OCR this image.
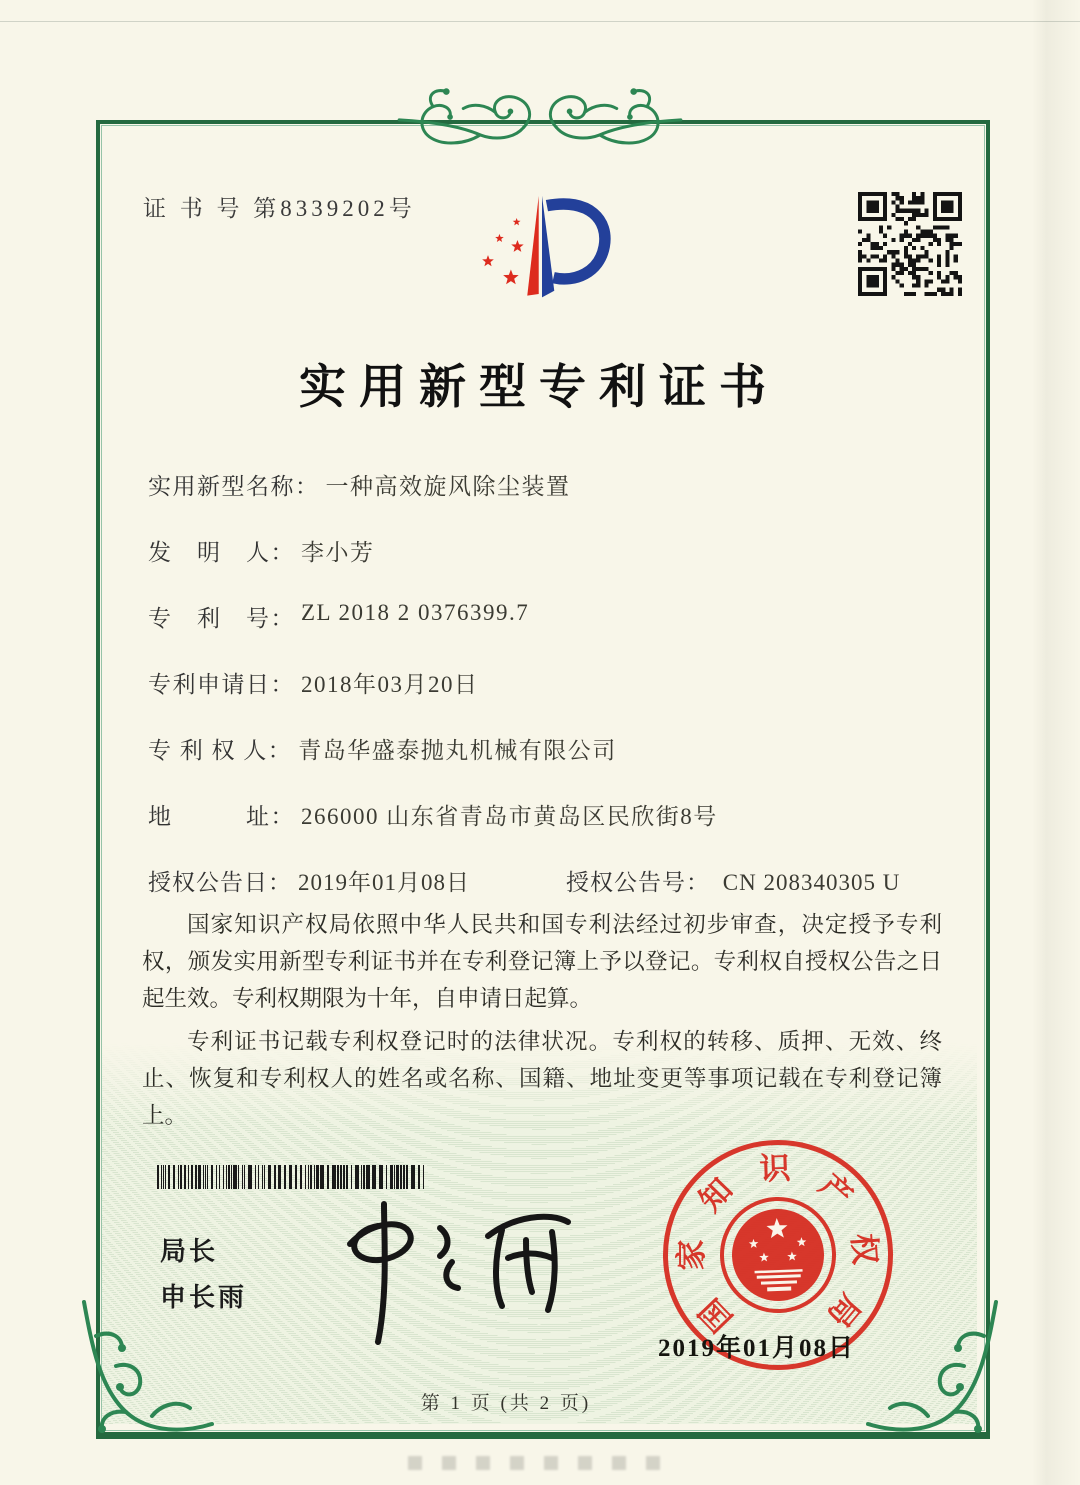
证 书 号 第8339202号
实用新型专利证书
实用新型名称： 一种高效旋风除尘装置
发　明　人： 李小芳
专　利　号： ZL 2018 2 0376399.7
专利申请日： 2018年03月20日
专 利 权 人： 青岛华盛泰抛丸机械有限公司
地　　　址： 266000 山东省青岛市黄岛区民欣街8号
授权公告日： 2019年01月08日	授权公告号： CN 208340305 U

国家知识产权局依照中华人民共和国专利法经过初步审查，决定授予专利权，颁发实用新型专利证书并在专利登记簿上予以登记。专利权自授权公告之日起生效。专利权期限为十年，自申请日起算。

专利证书记载专利权登记时的法律状况。专利权的转移、质押、无效、终止、恢复和专利权人的姓名或名称、国籍、地址变更等事项记载在专利登记簿上。

局长
申长雨	国
家
知
识 产
权
局
2019年01月08日
第 1 页 (共 2 页)
